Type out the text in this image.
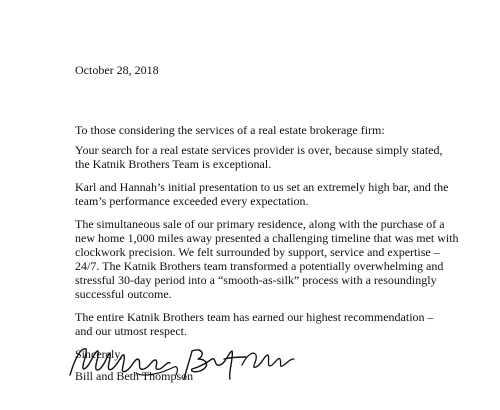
October 28, 2018
To those considering the services of a real estate brokerage firm:
Your search for a real estate services provider is over, because simply stated,
the Katnik Brothers Team is exceptional.
Karl and Hannah’s initial presentation to us set an extremely high bar, and the
team’s performance exceeded every expectation.
The simultaneous sale of our primary residence, along with the purchase of a
new home 1,000 miles away presented a challenging timeline that was met with
clockwork precision. We felt surrounded by support, service and expertise –
24/7. The Katnik Brothers team transformed a potentially overwhelming and
stressful 30-day period into a “smooth-as-silk” process with a resoundingly
successful outcome.
The entire Katnik Brothers team has earned our highest recommendation –
and our utmost respect.
Sincerely,
Bill and Beth Thompson
